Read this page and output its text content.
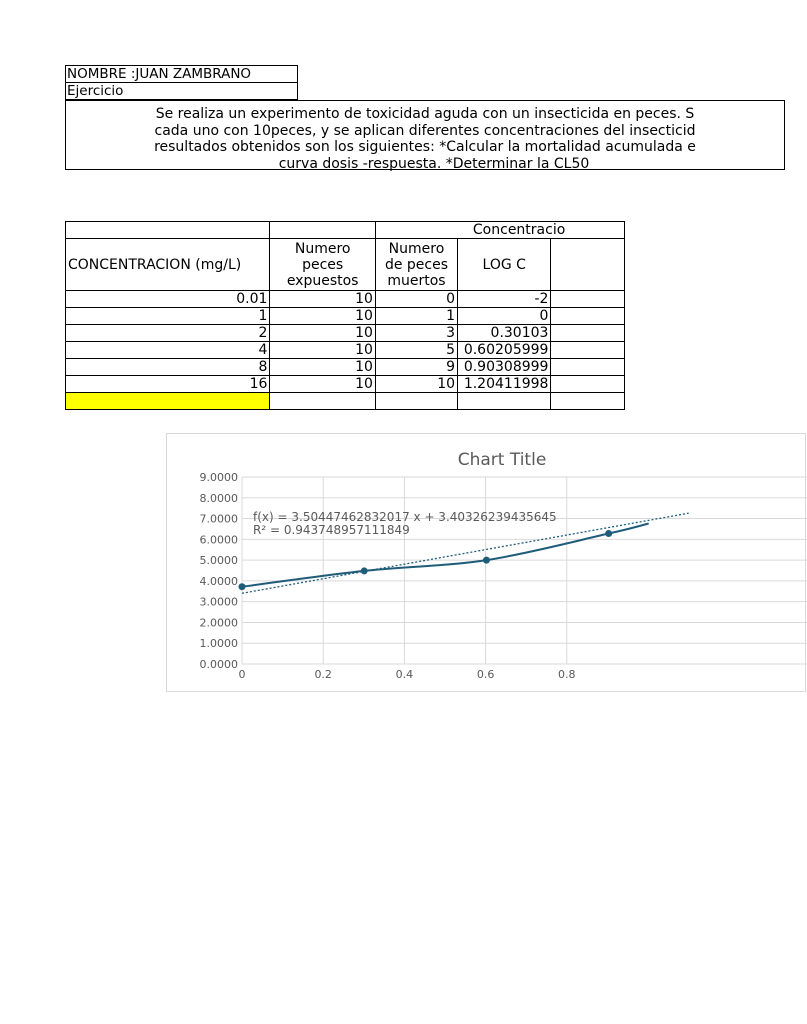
NOMBRE :JUAN ZAMBRANO
Ejercicio
Se realiza un experimento de toxicidad aguda con un insecticida en peces. S
cada uno con 10peces, y se aplican diferentes concentraciones del insecticid
resultados obtenidos son los siguientes: *Calcular la mortalidad acumulada e
curva dosis -respuesta. *Determinar la CL50
		Concentracio		
CONCENTRACION (mg/L)	Numero peces expuestos	Numero de peces muertos	LOG C	
0.01	10	0	-2	
1	10	1	0	
2	10	3	0.30103	
4	10	5	0.60205999	
8	10	9	0.90308999	
16	10	10	1.20411998	

0.0000
1.0000
2.0000
3.0000
4.0000
5.0000
6.0000
7.0000
8.0000
9.0000
0	0.2	0.4	0.6	0.8
Chart Title
f(x) = 3.50447462832017 x + 3.40326239435645
R² = 0.943748957111849
